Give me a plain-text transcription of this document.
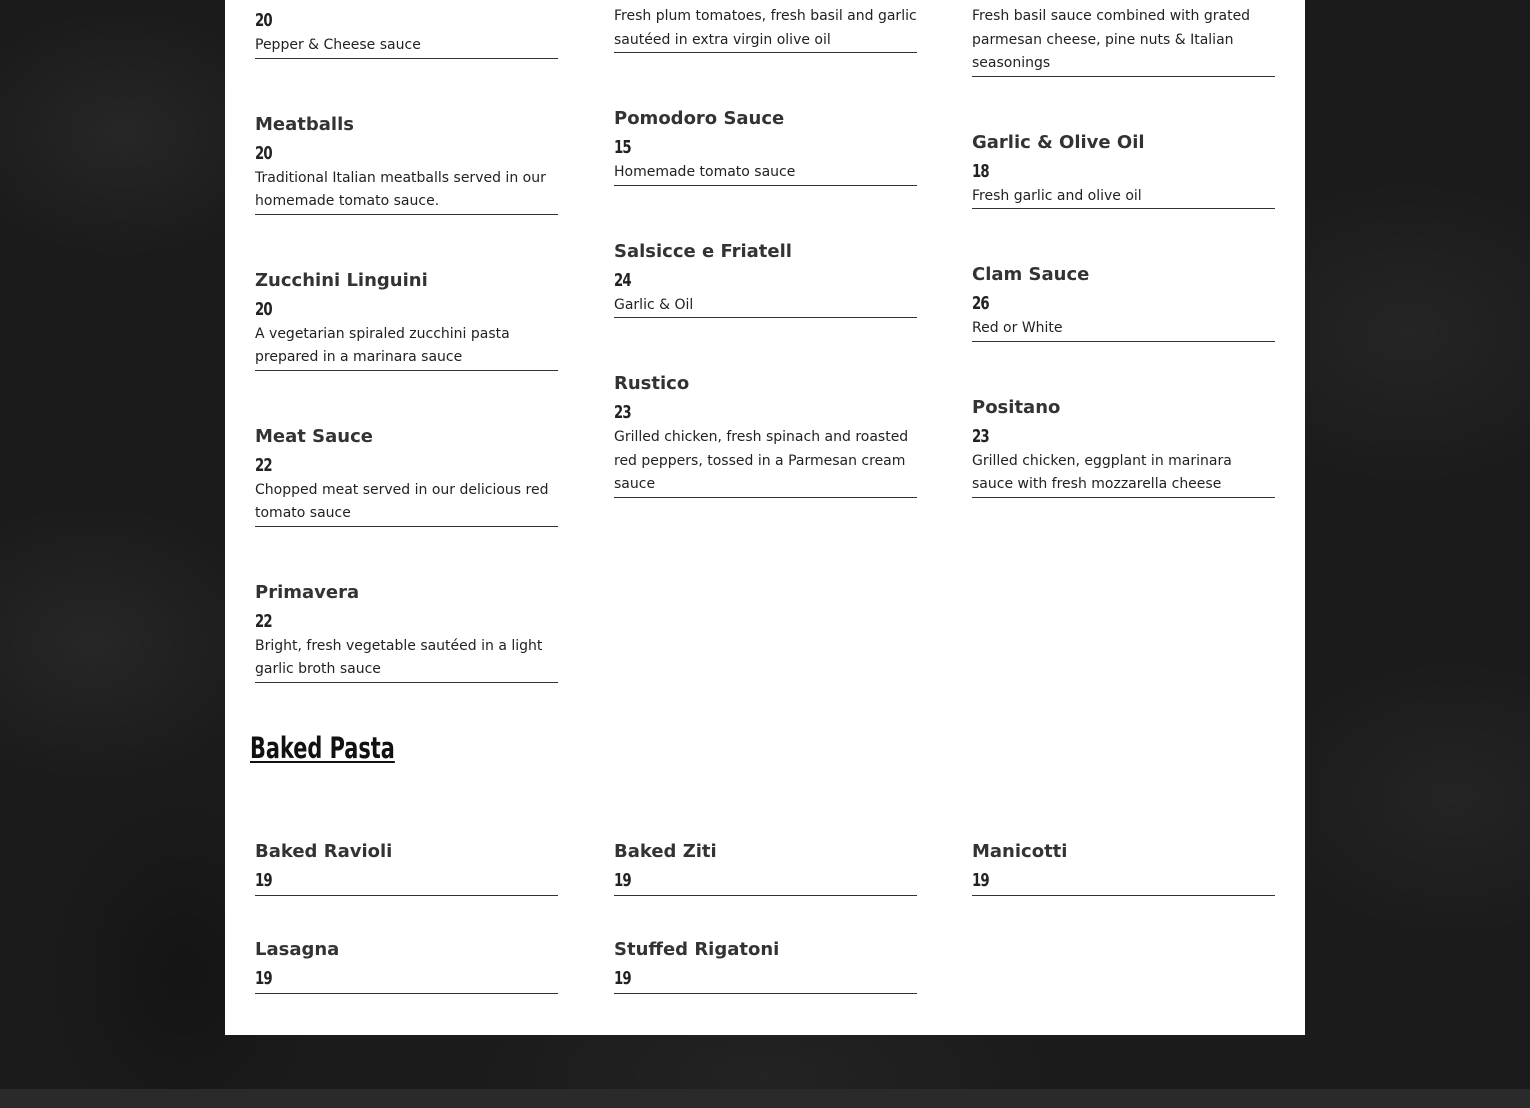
20
Pepper & Cheese sauce
Meatballs
20
Traditional Italian meatballs served in our homemade tomato sauce.
Zucchini Linguini
20
A vegetarian spiraled zucchini pasta prepared in a marinara sauce
Meat Sauce
22
Chopped meat served in our delicious red tomato sauce
Primavera
22
Bright, fresh vegetable sautéed in a light garlic broth sauce
Fresh plum tomatoes, fresh basil and garlic sautéed in extra virgin olive oil
Pomodoro Sauce
15
Homemade tomato sauce
Salsicce e Friatell
24
Garlic & Oil
Rustico
23
Grilled chicken, fresh spinach and roasted red peppers, tossed in a Parmesan cream sauce
Fresh basil sauce combined with grated parmesan cheese, pine nuts & Italian seasonings
Garlic & Olive Oil
18
Fresh garlic and olive oil
Clam Sauce
26
Red or White
Positano
23
Grilled chicken, eggplant in marinara sauce with fresh mozzarella cheese
Baked Pasta
Baked Ravioli
19
Lasagna
19
Baked Ziti
19
Stuffed Rigatoni
19
Manicotti
19
